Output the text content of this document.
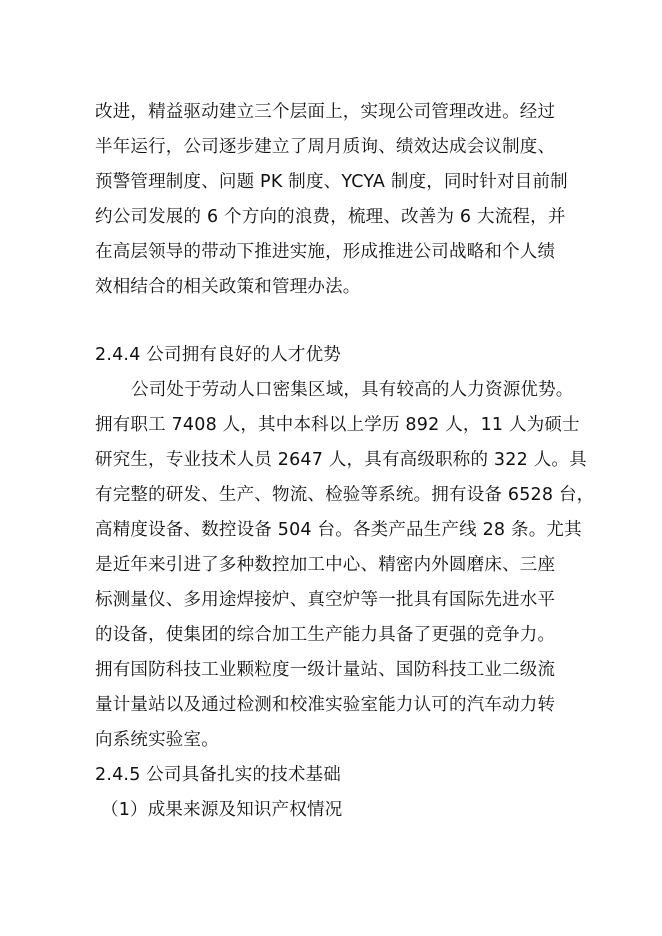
改进，精益驱动建立三个层面上，实现公司管理改进。经过
半年运行，公司逐步建立了周月质询、绩效达成会议制度、
预警管理制度、问题 PK 制度、YCYA 制度，同时针对目前制
约公司发展的 6 个方向的浪费，梳理、改善为 6 大流程，并
在高层领导的带动下推进实施，形成推进公司战略和个人绩
效相结合的相关政策和管理办法。
2.4.4 公司拥有良好的人才优势
公司处于劳动人口密集区域，具有较高的人力资源优势。
拥有职工 7408 人，其中本科以上学历 892 人，11 人为硕士
研究生，专业技术人员 2647 人，具有高级职称的 322 人。具
有完整的研发、生产、物流、检验等系统。拥有设备 6528 台，
高精度设备、数控设备 504 台。各类产品生产线 28 条。尤其
是近年来引进了多种数控加工中心、精密内外圆磨床、三座
标测量仪、多用途焊接炉、真空炉等一批具有国际先进水平
的设备，使集团的综合加工生产能力具备了更强的竞争力。
拥有国防科技工业颗粒度一级计量站、国防科技工业二级流
量计量站以及通过检测和校准实验室能力认可的汽车动力转
向系统实验室。
2.4.5 公司具备扎实的技术基础
（1）成果来源及知识产权情况
